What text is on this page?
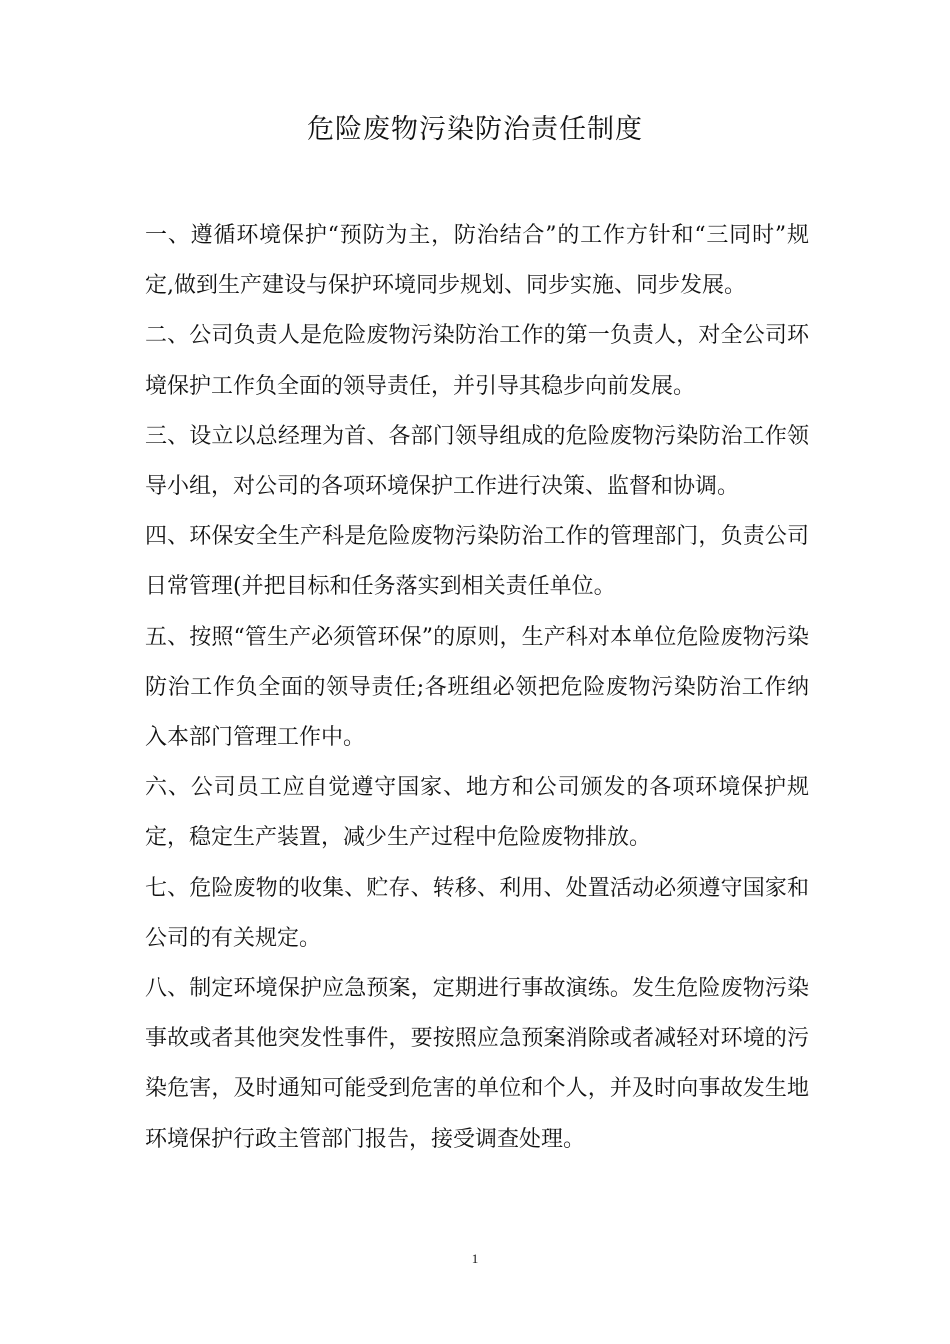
危险废物污染防治责任制度

一、遵循环境保护“预防为主，防治结合”的工作方针和“三同时”规定,做到生产建设与保护环境同步规划、同步实施、同步发展。

二、公司负责人是危险废物污染防治工作的第一负责人，对全公司环境保护工作负全面的领导责任，并引导其稳步向前发展。

三、设立以总经理为首、各部门领导组成的危险废物污染防治工作领导小组，对公司的各项环境保护工作进行决策、监督和协调。

四、环保安全生产科是危险废物污染防治工作的管理部门，负责公司日常管理(并把目标和任务落实到相关责任单位。

五、按照“管生产必须管环保”的原则，生产科对本单位危险废物污染防治工作负全面的领导责任;各班组必领把危险废物污染防治工作纳入本部门管理工作中。

六、公司员工应自觉遵守国家、地方和公司颁发的各项环境保护规定，稳定生产装置，减少生产过程中危险废物排放。

七、危险废物的收集、贮存、转移、利用、处置活动必须遵守国家和公司的有关规定。

八、制定环境保护应急预案，定期进行事故演练。发生危险废物污染事故或者其他突发性事件，要按照应急预案消除或者减轻对环境的污染危害，及时通知可能受到危害的单位和个人，并及时向事故发生地环境保护行政主管部门报告，接受调查处理。

1
